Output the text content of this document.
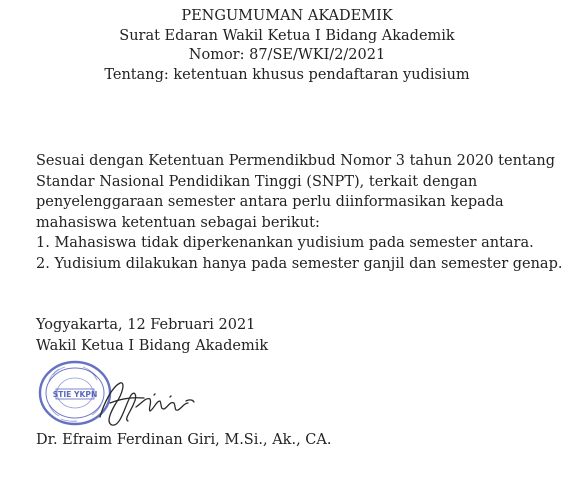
PENGUMUMAN AKADEMIK
Surat Edaran Wakil Ketua I Bidang Akademik
Nomor: 87/SE/WKI/2/2021
Tentang: ketentuan khusus pendaftaran yudisium
Sesuai dengan Ketentuan Permendikbud Nomor 3 tahun 2020 tentang
Standar Nasional Pendidikan Tinggi (SNPT), terkait dengan
penyelenggaraan semester antara perlu diinformasikan kepada
mahasiswa ketentuan sebagai berikut:
1. Mahasiswa tidak diperkenankan yudisium pada semester antara.
2. Yudisium dilakukan hanya pada semester ganjil dan semester genap.
Yogyakarta, 12 Februari 2021
Wakil Ketua I Bidang Akademik
STIE YKPN
Dr. Efraim Ferdinan Giri, M.Si., Ak., CA.
